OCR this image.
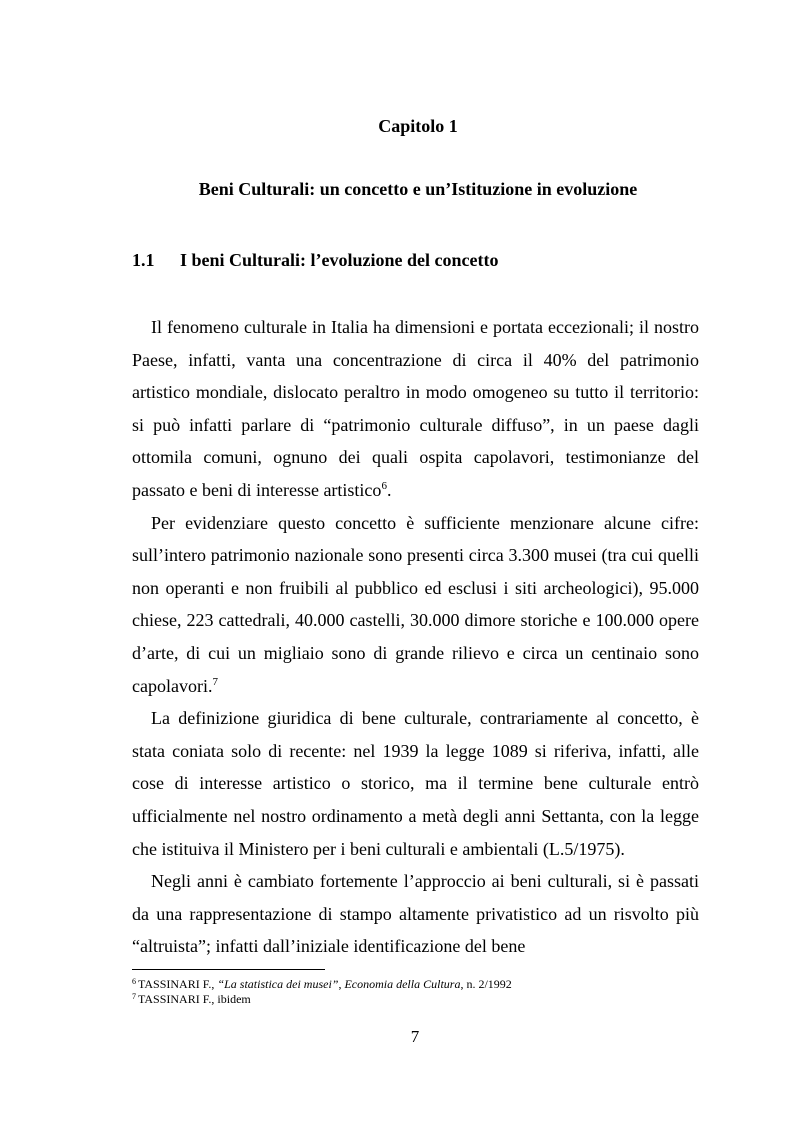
Capitolo 1
Beni Culturali: un concetto e un’Istituzione in evoluzione
1.1 I beni Culturali: l’evoluzione del concetto

Il fenomeno culturale in Italia ha dimensioni e portata eccezionali; il nostro Paese, infatti, vanta una concentrazione di circa il 40% del patrimonio artistico mondiale, dislocato peraltro in modo omogeneo su tutto il territorio: si può infatti parlare di “patrimonio culturale diffuso”, in un paese dagli ottomila comuni, ognuno dei quali ospita capolavori, testimonianze del passato e beni di interesse artistico$^6$.

Per evidenziare questo concetto è sufficiente menzionare alcune cifre: sull’intero patrimonio nazionale sono presenti circa 3.300 musei (tra cui quelli non operanti e non fruibili al pubblico ed esclusi i siti archeologici), 95.000 chiese, 223 cattedrali, 40.000 castelli, 30.000 dimore storiche e 100.000 opere d’arte, di cui un migliaio sono di grande rilievo e circa un centinaio sono capolavori.$^7$

La definizione giuridica di bene culturale, contrariamente al concetto, è stata coniata solo di recente: nel 1939 la legge 1089 si riferiva, infatti, alle cose di interesse artistico o storico, ma il termine bene culturale entrò ufficialmente nel nostro ordinamento a metà degli anni Settanta, con la legge che istituiva il Ministero per i beni culturali e ambientali (L.5/1975).

Negli anni è cambiato fortemente l’approccio ai beni culturali, si è passati da una rappresentazione di stampo altamente privatistico ad un risvolto più “altruista”; infatti dall’iniziale identificazione del bene

$^6$ TASSINARI F., “La statistica dei musei”, Economia della Cultura, n. 2/1992

$^7$ TASSINARI F., ibidem

7
